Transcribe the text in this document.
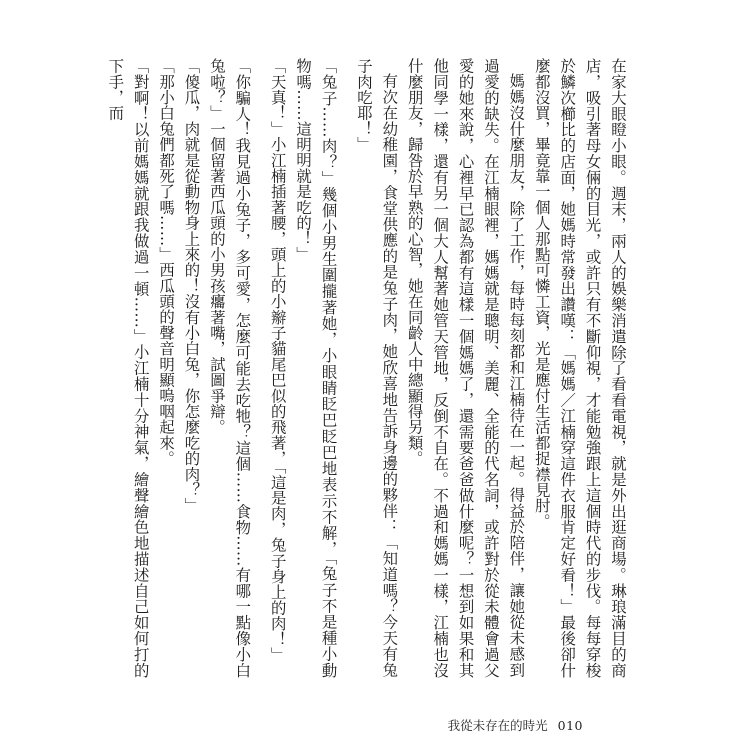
在家大眼瞪小眼。週末，兩人的娛樂消遣除了看看電視，就是外出逛商場。琳琅滿目的商店，吸引著母女倆的目光，或許只有不斷仰視，才能勉強跟上這個時代的步伐。每每穿梭於鱗次櫛比的店面，她媽時常發出讚嘆：「媽媽／江楠穿這件衣服肯定好看！」最後卻什麼都沒買，畢竟靠一個人那點可憐工資，光是應付生活都捉襟見肘。

媽媽沒什麼朋友，除了工作，每時每刻都和江楠待在一起。得益於陪伴，讓她從未感到過愛的缺失。在江楠眼裡，媽媽就是聰明、美麗、全能的代名詞，或許對於從未體會過父愛的她來說，心裡早已認為都有這樣一個媽媽了，還需要爸爸做什麼呢？一想到如果和其他同學一樣，還有另一個大人幫著她管天管地，反倒不自在。不過和媽媽一樣，江楠也沒什麼朋友，歸咎於早熟的心智，她在同齡人中總顯得另類。

有次在幼稚園，食堂供應的是兔子肉，她欣喜地告訴身邊的夥伴：「知道嗎？今天有兔子肉吃耶！」

「兔子……肉？」幾個小男生圍攏著她，小眼睛眨巴眨巴地表示不解，「兔子不是種小動物嗎……這明明就是吃的！」

「天真！」小江楠插著腰，頭上的小辮子貓尾巴似的飛著，「這是肉，兔子身上的肉！」

「你騙人！我見過小兔子，多可愛，怎麼可能去吃牠？這個……食物……有哪一點像小白兔啦？」一個留著西瓜頭的小男孩癟著嘴，試圖爭辯。

「傻瓜，肉就是從動物身上來的！沒有小白兔，你怎麼吃的肉？」

「那小白兔們都死了嗎……」西瓜頭的聲音明顯嗚咽起來。

「對啊！以前媽媽就跟我做過一頓……」小江楠十分神氣，繪聲繪色地描述自己如何打的下手，而

我從未存在的時光 010
